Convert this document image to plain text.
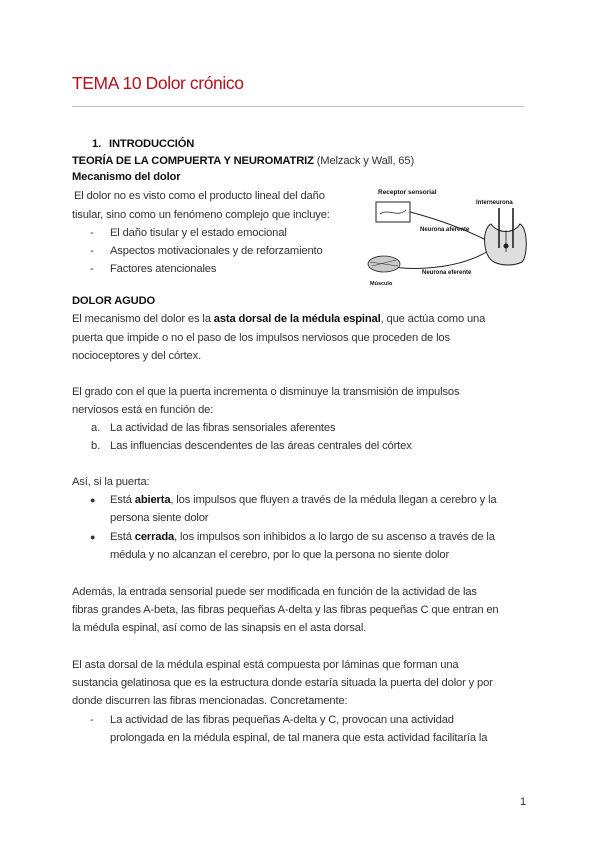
TEMA 10 Dolor crónico
1. INTRODUCCIÓN
TEORÍA DE LA COMPUERTA Y NEUROMATRIZ (Melzack y Wall, 65)
Mecanismo del dolor
El dolor no es visto como el producto lineal del daño
tisular, sino como un fenómeno complejo que incluye:
- El daño tisular y el estado emocional
- Aspectos motivacionales y de reforzamiento
- Factores atencionales
Receptor sensorial
Interneurona
Neurona aferente
Neurona eferente
Músculo
DOLOR AGUDO
El mecanismo del dolor es la asta dorsal de la médula espinal, que actúa como una
puerta que impide o no el paso de los impulsos nerviosos que proceden de los
nocioceptores y del córtex.
El grado con el que la puerta incrementa o disminuye la transmisión de impulsos
nerviosos está en función de:
a. La actividad de las fibras sensoriales aferentes
b. Las influencias descendentes de las áreas centrales del córtex
Así, si la puerta:
● Está abierta, los impulsos que fluyen a través de la médula llegan a cerebro y la
persona siente dolor
● Está cerrada, los impulsos son inhibidos a lo largo de su ascenso a través de la
médula y no alcanzan el cerebro, por lo que la persona no siente dolor
Además, la entrada sensorial puede ser modificada en función de la actividad de las
fibras grandes A-beta, las fibras pequeñas A-delta y las fibras pequeñas C que entran en
la médula espinal, así como de las sinapsis en el asta dorsal.
El asta dorsal de la médula espinal está compuesta por láminas que forman una
sustancia gelatinosa que es la estructura donde estaría situada la puerta del dolor y por
donde discurren las fibras mencionadas. Concretamente:
- La actividad de las fibras pequeñas A-delta y C, provocan una actividad
prolongada en la médula espinal, de tal manera que esta actividad facilitaría la
1
